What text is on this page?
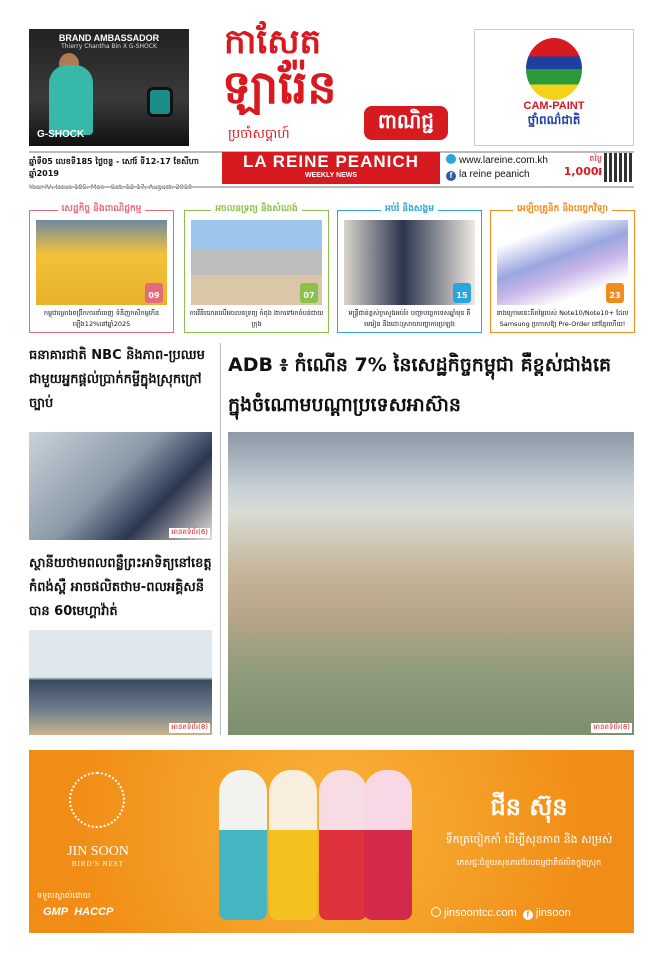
BRAND AMBASSADOR
Thierry Chantha Bin X G-SHOCK
G-SHOCK
កាសែត
ឡារ៉ែន
ពាណិជ្ជ
ប្រចាំសប្តាហ៍
CAM-PAINT
ថ្នាំពណ៌ជាតិ
ឆ្នាំទី05 លេខទី185 ថ្ងៃចន្ទ - សៅរ៍ ទី12-17 ខែសីហា ឆ្នាំ2019
LA REINE PEANICH
WEEKLY NEWS
www.lareine.com.kh
f la reine peanich
តម្លៃ
1,000៛
សេដ្ឋកិច្ច និងពាណិជ្ជកម្ម
09
កម្ពុជាគ្រោងពង្រីកការនាំចេញ ទំនិញកសិកម្មកើនឡើង12%នៅឆ្នាំ2025
អចលនទ្រព្យ និងសំណង់
07
ការវិនិយោគលើអចលនទ្រព្យ កំពុង ងាកទៅរកតំបន់ជាយក្រុង
អប់រំ និងសង្គម
15
មន្ត្រីជាន់ខ្ពស់ក្រសួងអប់រំ៖ បញ្ហាបច្ចេកទេសឆ្នាំមុន គឺមេរៀន និងដោះស្រាយបញ្ហាការប្រឡង
អេឡិចត្រូនិក និងបច្ចេកវិទ្យា
23
ខាងក្រោមនេះគឺតម្លៃរបស់ Note10/Note10+ ដែល Samsung ប្រកាសឱ្យ Pre-Order នៅខ្មែរហើយ!
ធនាគារជាតិ NBC និងភាព-ប្រឈមជាមួយអ្នកផ្តល់ប្រាក់កម្ចីក្នុងស្រុកក្រៅច្បាប់
អានតទំព័រ(6)
ស្ថានីយថាមពលពន្លឺព្រះអាទិត្យនៅខេត្តកំពង់ស្ពឺ អាចផលិតថាម-ពលអគ្គិសនីបាន 60មេហ្គាវ៉ាត់
អានតទំព័រ(8)
ADB ៖ កំណើន 7% នៃសេដ្ឋកិច្ចកម្ពុជា គឺខ្ពស់ជាងគេក្នុងចំណោមបណ្តាប្រទេសអាស៊ាន
អានតទំព័រ(8)
JIN SOON
BIRD'S NEST
ទទួលស្គាល់ដោយ
GMP HACCP
ជីន ស៊ុន
ទឹកត្រចៀកកាំ ដើម្បីសុខភាព និង សម្រស់
ភេសជ្ជៈជំនួយសុខភាពបែបធម្មជាតិផលិតក្នុងស្រុក
jinsoontcc.com f jinsoon
